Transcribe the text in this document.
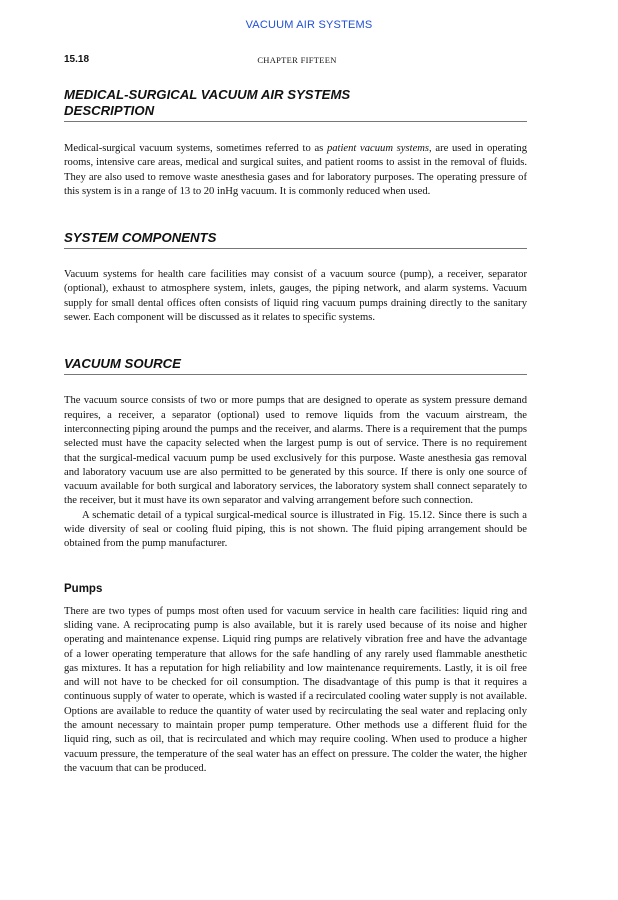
VACUUM AIR SYSTEMS
15.18	CHAPTER FIFTEEN
MEDICAL-SURGICAL VACUUM AIR SYSTEMS
DESCRIPTION

Medical-surgical vacuum systems, sometimes referred to as patient vacuum systems, are used in operating rooms, intensive care areas, medical and surgical suites, and patient rooms to assist in the removal of fluids. They are also used to remove waste anesthesia gases and for laboratory purposes. The operating pressure of this system is in a range of 13 to 20 inHg vacuum. It is commonly reduced when used.

SYSTEM COMPONENTS

Vacuum systems for health care facilities may consist of a vacuum source (pump), a receiver, separator (optional), exhaust to atmosphere system, inlets, gauges, the piping network, and alarm systems. Vacuum supply for small dental offices often consists of liquid ring vacuum pumps draining directly to the sanitary sewer. Each component will be discussed as it relates to specific systems.

VACUUM SOURCE

The vacuum source consists of two or more pumps that are designed to operate as system pressure demand requires, a receiver, a separator (optional) used to remove liquids from the vacuum airstream, the interconnecting piping around the pumps and the receiver, and alarms. There is a requirement that the pumps selected must have the capacity selected when the largest pump is out of service. There is no requirement that the surgical-medical vacuum pump be used exclusively for this purpose. Waste anesthesia gas removal and laboratory vacuum use are also permitted to be generated by this source. If there is only one source of vacuum available for both surgical and laboratory services, the laboratory system shall connect separately to the receiver, but it must have its own separator and valving arrangement before such connection.

A schematic detail of a typical surgical-medical source is illustrated in Fig. 15.12. Since there is such a wide diversity of seal or cooling fluid piping, this is not shown. The fluid piping arrangement should be obtained from the pump manufacturer.

Pumps

There are two types of pumps most often used for vacuum service in health care facilities: liquid ring and sliding vane. A reciprocating pump is also available, but it is rarely used because of its noise and higher operating and maintenance expense. Liquid ring pumps are relatively vibration free and have the advantage of a lower operating temperature that allows for the safe handling of any rarely used flammable anesthetic gas mixtures. It has a reputation for high reliability and low maintenance requirements. Lastly, it is oil free and will not have to be checked for oil consumption. The disadvantage of this pump is that it requires a continuous supply of water to operate, which is wasted if a recirculated cooling water supply is not available. Options are available to reduce the quantity of water used by recirculating the seal water and replacing only the amount necessary to maintain proper pump temperature. Other methods use a different fluid for the liquid ring, such as oil, that is recirculated and which may require cooling. When used to produce a higher vacuum pressure, the temperature of the seal water has an effect on pressure. The colder the water, the higher the vacuum that can be produced.
